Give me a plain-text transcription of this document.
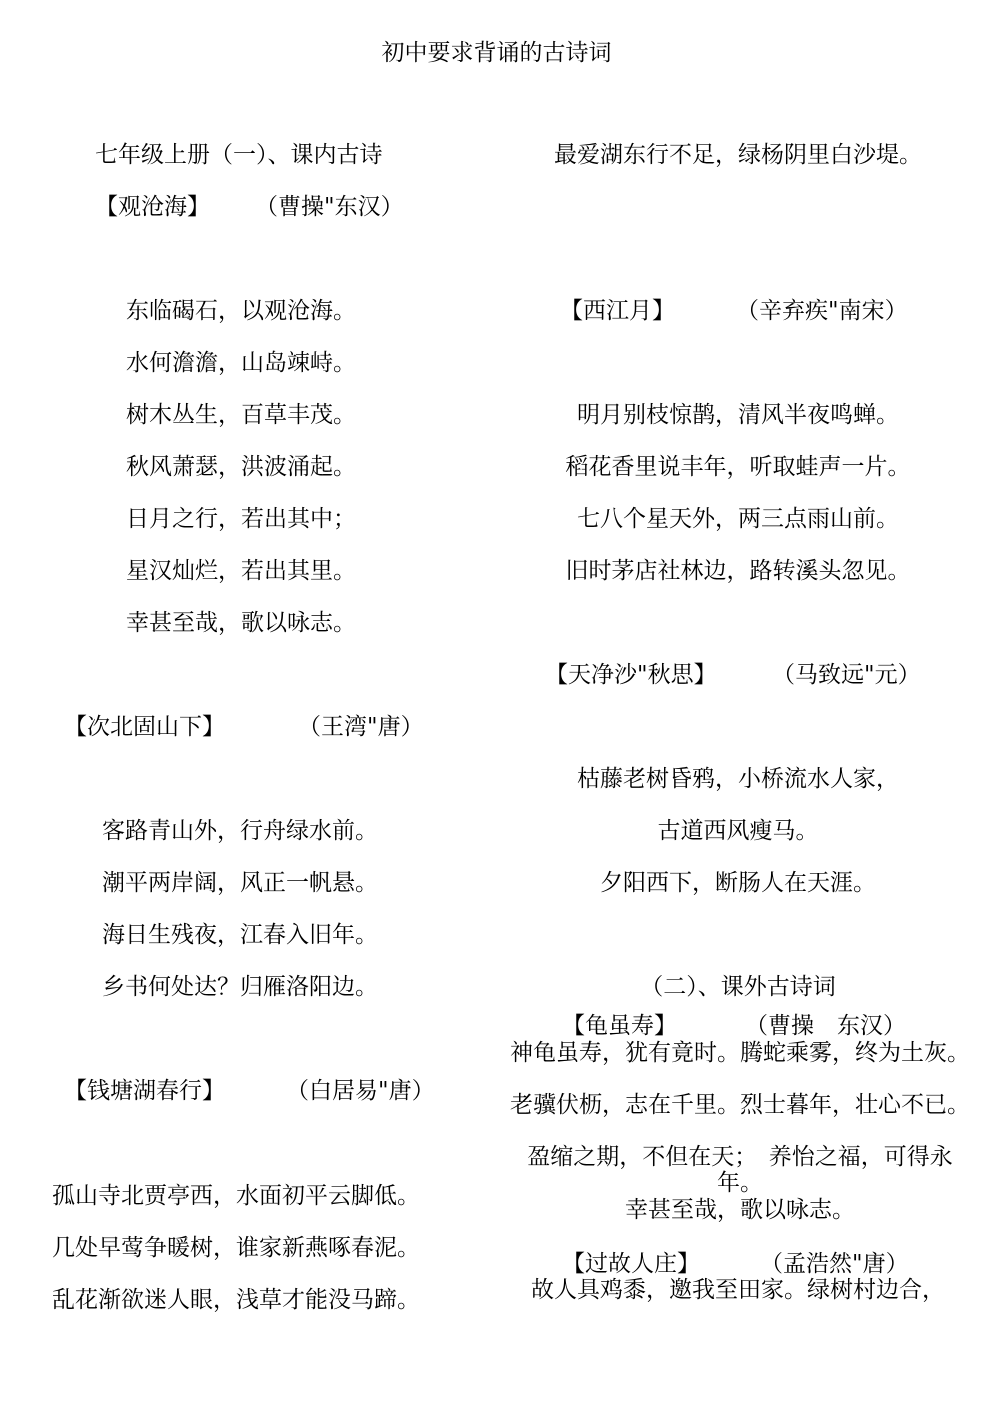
初中要求背诵的古诗词
七年级上册（一）、课内古诗
【观沧海】 （曹操"东汉）
东临碣石，以观沧海。
水何澹澹，山岛竦峙。
树木丛生，百草丰茂。
秋风萧瑟，洪波涌起。
日月之行，若出其中；
星汉灿烂，若出其里。
幸甚至哉，歌以咏志。
【次北固山下】	（王湾"唐）
客路青山外，行舟绿水前。
潮平两岸阔，风正一帆悬。
海日生残夜，江春入旧年。
乡书何处达？归雁洛阳边。
【钱塘湖春行】	（白居易"唐）
孤山寺北贾亭西，水面初平云脚低。
几处早莺争暖树，谁家新燕啄春泥。
乱花渐欲迷人眼，浅草才能没马蹄。
最爱湖东行不足，绿杨阴里白沙堤。
【西江月】	（辛弃疾"南宋）
明月别枝惊鹊，清风半夜鸣蝉。
稻花香里说丰年，听取蛙声一片。
七八个星天外，两三点雨山前。
旧时茅店社林边，路转溪头忽见。
【天净沙"秋思】 （马致远"元）
枯藤老树昏鸦，小桥流水人家，
古道西风瘦马。
夕阳西下，断肠人在天涯。
（二）、课外古诗词
【龟虽寿】	（曹操　东汉）
神龟虽寿，犹有竟时。腾蛇乘雾，终为土灰。
老骥伏枥，志在千里。烈士暮年，壮心不已。
盈缩之期，不但在天；　养怡之福，可得永年。
幸甚至哉，歌以咏志。
【过故人庄】	（孟浩然"唐）
故人具鸡黍，邀我至田家。绿树村边合，
